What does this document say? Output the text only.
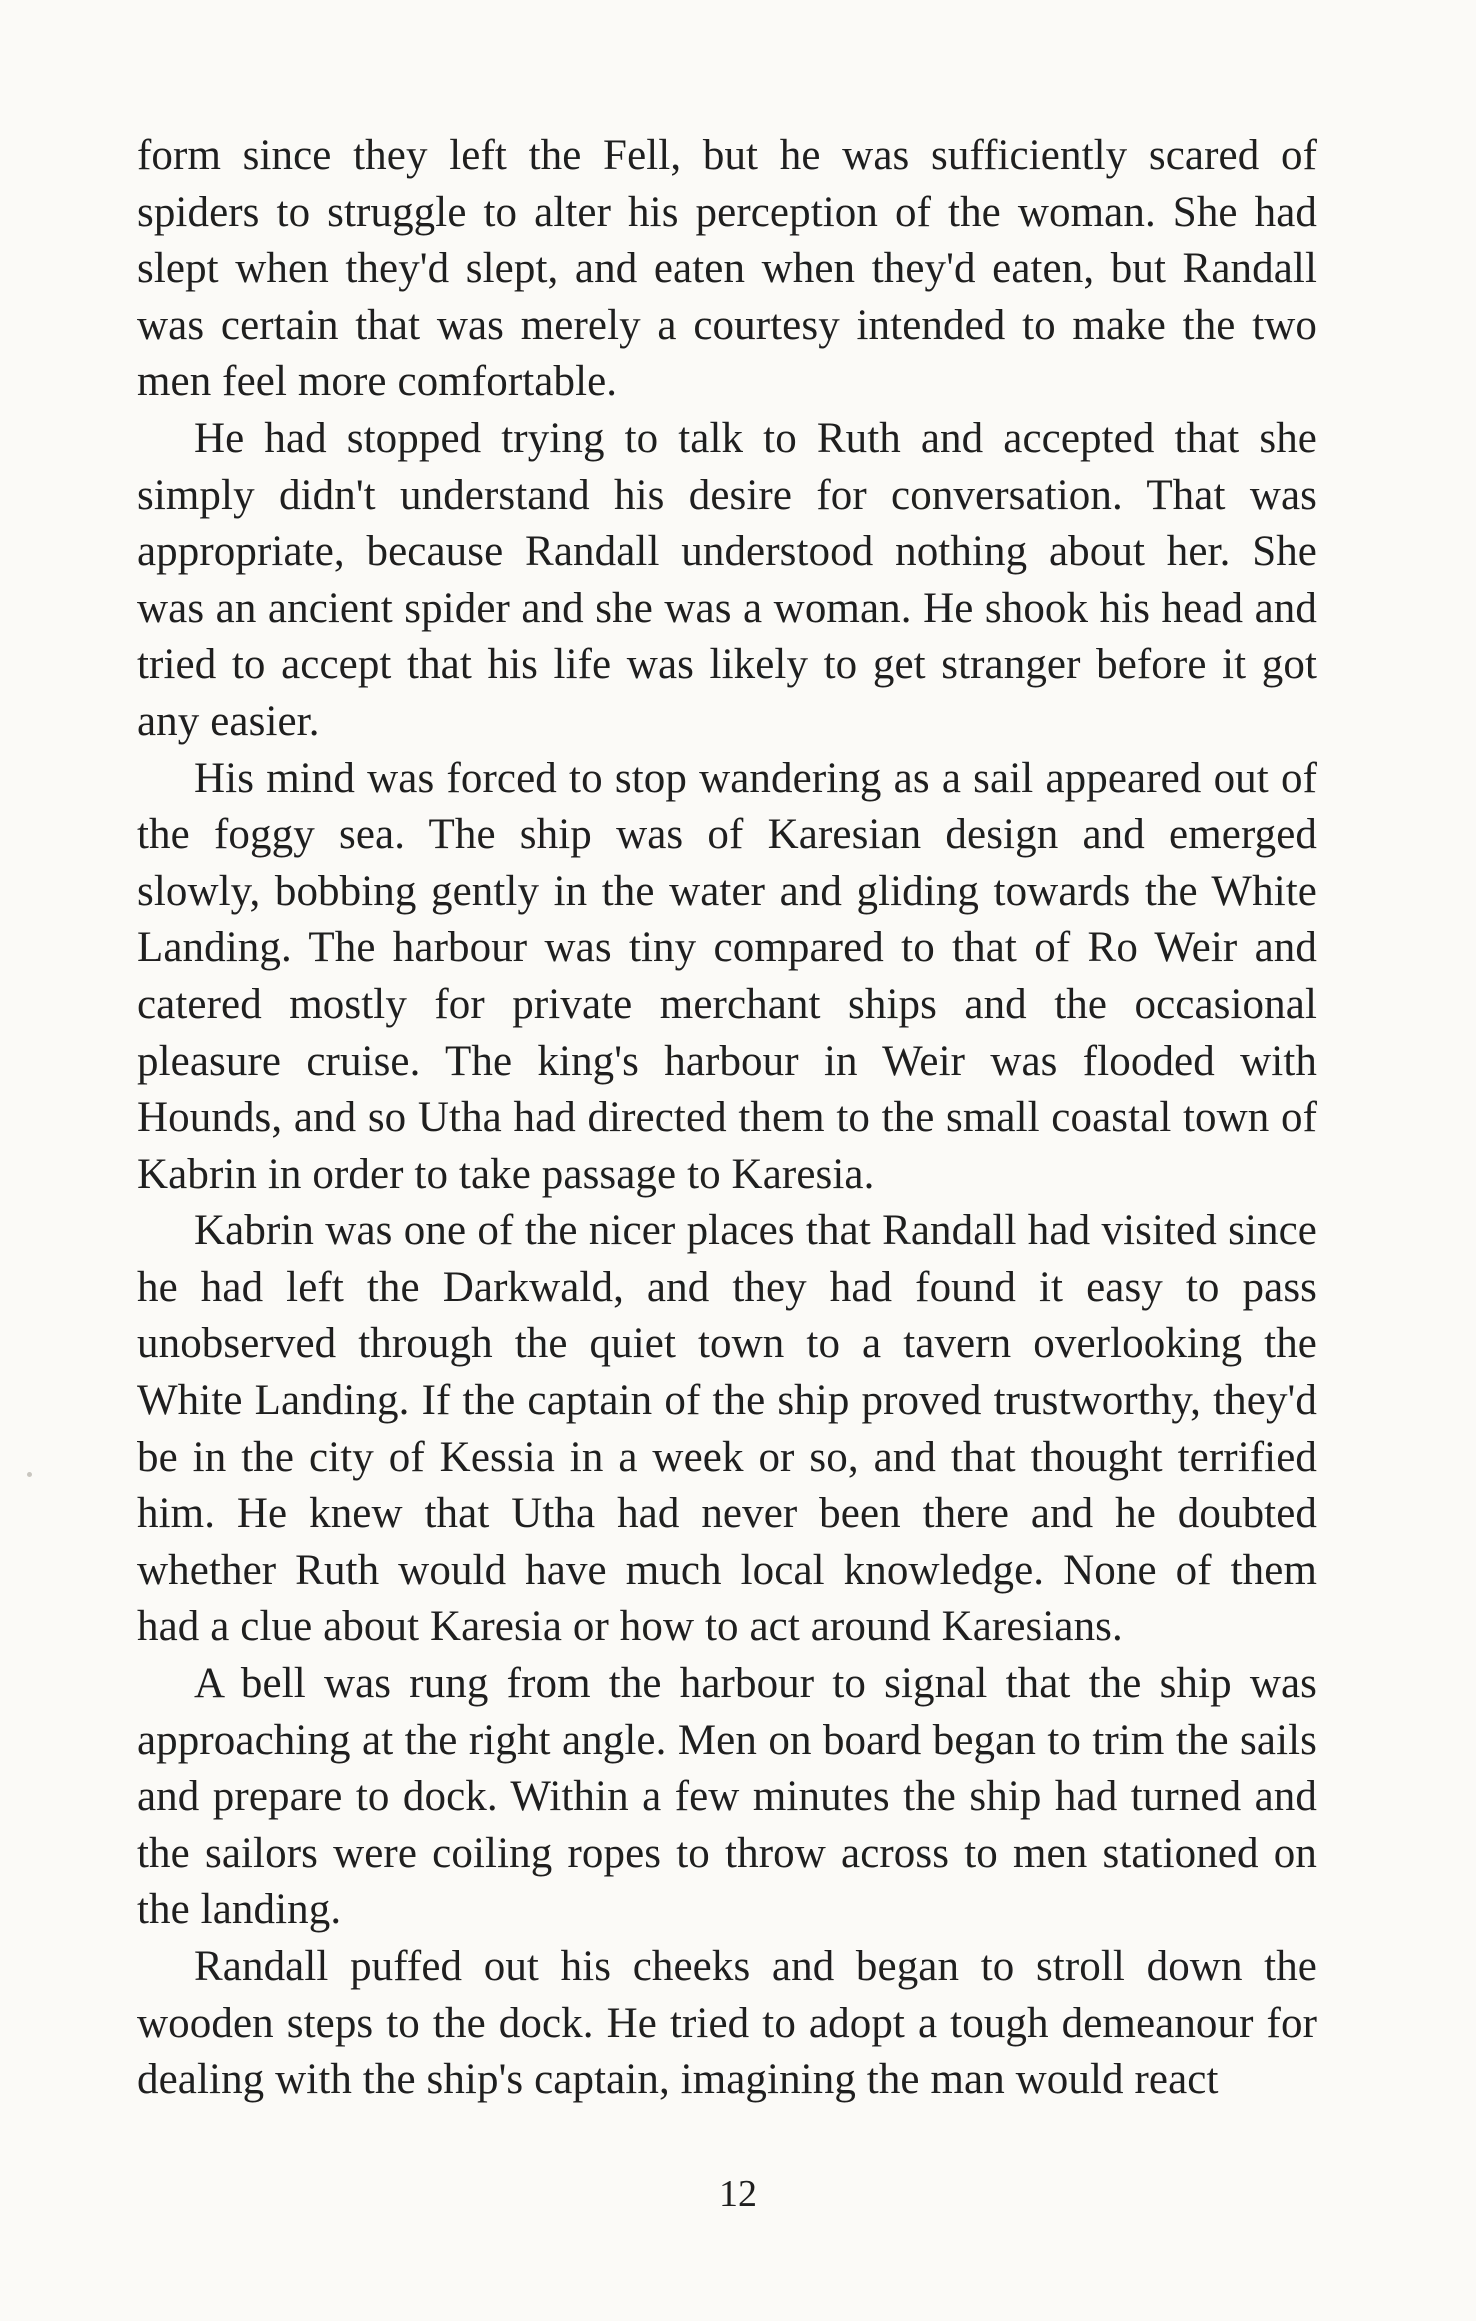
form since they left the Fell, but he was sufficiently scared of spiders to struggle to alter his perception of the woman. She had slept when they'd slept, and eaten when they'd eaten, but Randall was certain that was merely a courtesy intended to make the two men feel more comfortable.

He had stopped trying to talk to Ruth and accepted that she simply didn't understand his desire for conversation. That was appropriate, because Randall understood nothing about her. She was an ancient spider and she was a woman. He shook his head and tried to accept that his life was likely to get stranger before it got any easier.

His mind was forced to stop wandering as a sail appeared out of the foggy sea. The ship was of Karesian design and emerged slowly, bobbing gently in the water and gliding towards the White Landing. The harbour was tiny compared to that of Ro Weir and catered mostly for private merchant ships and the occasional pleasure cruise. The king's harbour in Weir was flooded with Hounds, and so Utha had directed them to the small coastal town of Kabrin in order to take passage to Karesia.

Kabrin was one of the nicer places that Randall had visited since he had left the Darkwald, and they had found it easy to pass unobserved through the quiet town to a tavern overlooking the White Landing. If the captain of the ship proved trustworthy, they'd be in the city of Kessia in a week or so, and that thought terrified him. He knew that Utha had never been there and he doubted whether Ruth would have much local knowledge. None of them had a clue about Karesia or how to act around Karesians.

A bell was rung from the harbour to signal that the ship was approaching at the right angle. Men on board began to trim the sails and prepare to dock. Within a few minutes the ship had turned and the sailors were coiling ropes to throw across to men stationed on the landing.

Randall puffed out his cheeks and began to stroll down the wooden steps to the dock. He tried to adopt a tough demeanour for dealing with the ship's captain, imagining the man would react

12
